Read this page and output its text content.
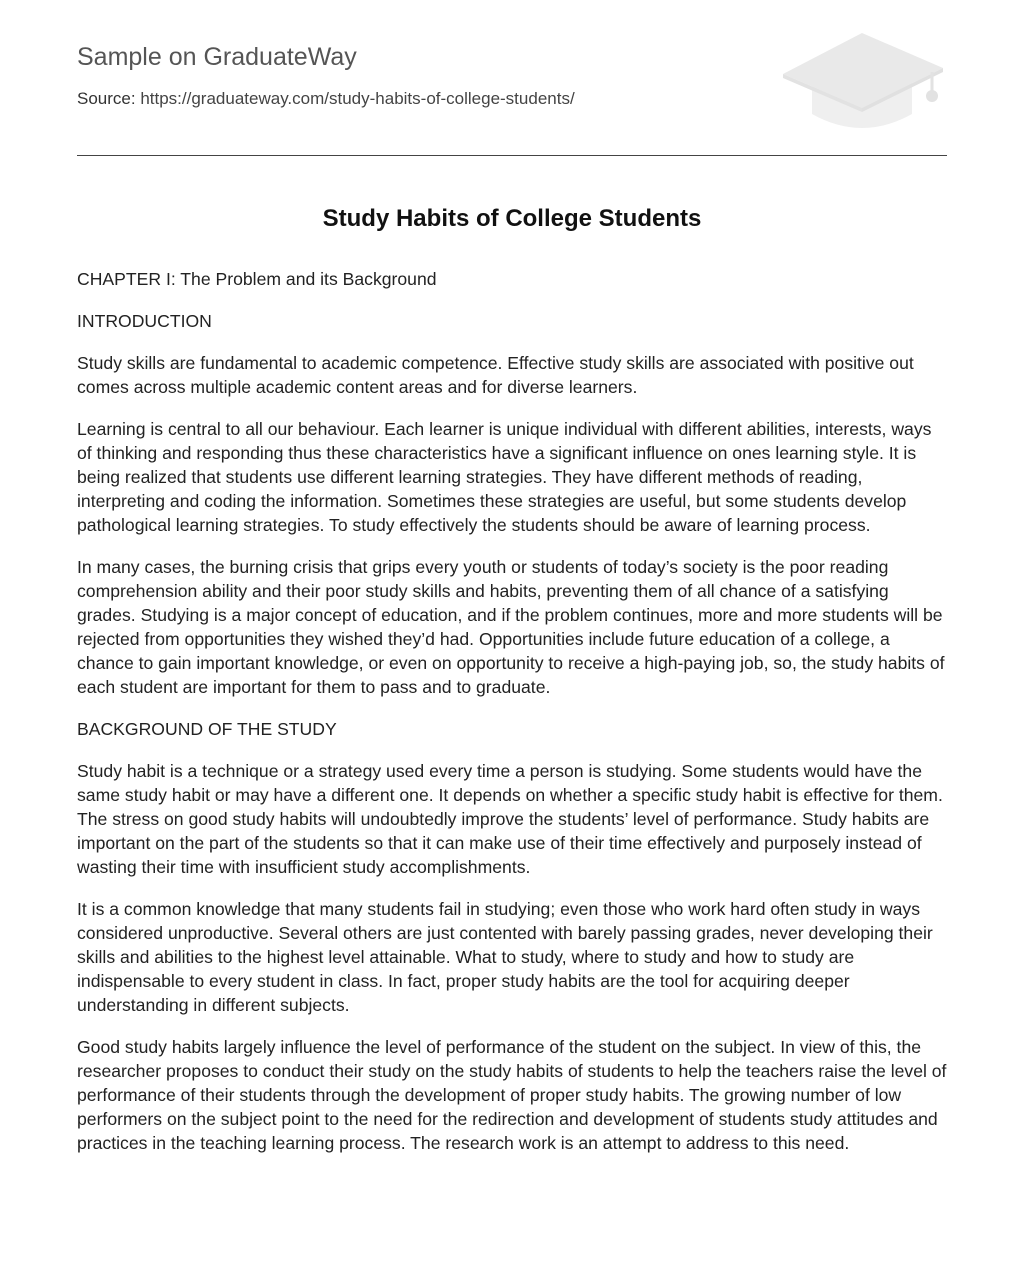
Sample on GraduateWay
Source: https://graduateway.com/study-habits-of-college-students/
Study Habits of College Students

CHAPTER I: The Problem and its Background

INTRODUCTION

Study skills are fundamental to academic competence. Effective study skills are associated with positive out comes across multiple academic content areas and for diverse learners.

Learning is central to all our behaviour. Each learner is unique individual with different abilities, interests, ways of thinking and responding thus these characteristics have a significant influence on ones learning style. It is being realized that students use different learning strategies. They have different methods of reading, interpreting and coding the information. Sometimes these strategies are useful, but some students develop pathological learning strategies. To study effectively the students should be aware of learning process.

In many cases, the burning crisis that grips every youth or students of today’s society is the poor reading comprehension ability and their poor study skills and habits, preventing them of all chance of a satisfying grades. Studying is a major concept of education, and if the problem continues, more and more students will be rejected from opportunities they wished they’d had. Opportunities include future education of a college, a chance to gain important knowledge, or even on opportunity to receive a high-paying job, so, the study habits of each student are important for them to pass and to graduate.

BACKGROUND OF THE STUDY

Study habit is a technique or a strategy used every time a person is studying. Some students would have the same study habit or may have a different one. It depends on whether a specific study habit is effective for them. The stress on good study habits will undoubtedly improve the students’ level of performance. Study habits are important on the part of the students so that it can make use of their time effectively and purposely instead of wasting their time with insufficient study accomplishments.

It is a common knowledge that many students fail in studying; even those who work hard often study in ways considered unproductive. Several others are just contented with barely passing grades, never developing their skills and abilities to the highest level attainable. What to study, where to study and how to study are indispensable to every student in class. In fact, proper study habits are the tool for acquiring deeper understanding in different subjects.

Good study habits largely influence the level of performance of the student on the subject. In view of this, the researcher proposes to conduct their study on the study habits of students to help the teachers raise the level of performance of their students through the development of proper study habits. The growing number of low performers on the subject point to the need for the redirection and development of students study attitudes and practices in the teaching learning process. The research work is an attempt to address to this need.
